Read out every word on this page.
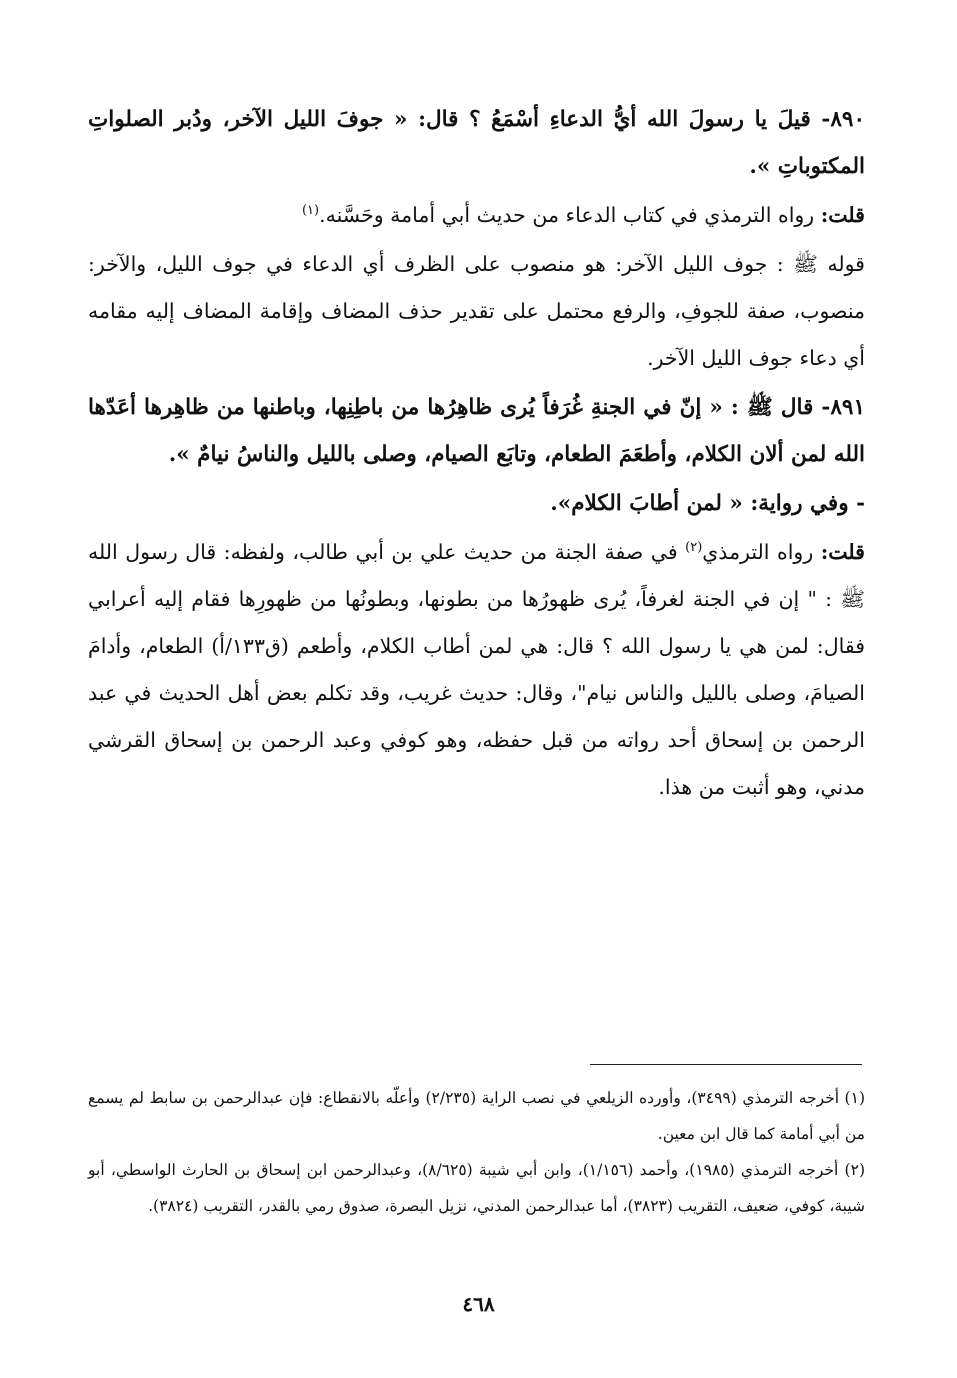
٨٩٠- قيلَ يا رسولَ الله أيُّ الدعاءِ أسْمَعُ ؟ قال: « جوفَ الليل الآخر، ودُبر الصلواتِ المكتوباتِ ».

قلت: رواه الترمذي في كتاب الدعاء من حديث أبي أمامة وحَسَّنه.$^{(١)}$

قوله ﷺ : جوف الليل الآخر: هو منصوب على الظرف أي الدعاء في جوف الليل، والآخر: منصوب، صفة للجوفِ، والرفع محتمل على تقدير حذف المضاف وإقامة المضاف إليه مقامه أي دعاء جوف الليل الآخر.

٨٩١- قال ﷺ : « إنّ في الجنةِ غُرَفاً يُرى ظاهِرُها من باطِنِها، وباطنها من ظاهِرها أعَدّها الله لمن ألان الكلام، وأطعَمَ الطعام، وتابَع الصيام، وصلى بالليل والناسُ نيامٌ ».

- وفي رواية: « لمن أطابَ الكلام».

قلت: رواه الترمذي$^{(٢)}$ في صفة الجنة من حديث علي بن أبي طالب، ولفظه: قال رسول الله ﷺ : " إن في الجنة لغرفاً، يُرى ظهورُها من بطونها، وبطونُها من ظهورِها فقام إليه أعرابي فقال: لمن هي يا رسول الله ؟ قال: هي لمن أطاب الكلام، وأطعم (ق١٣٣/أ) الطعام، وأدامَ الصيامَ، وصلى بالليل والناس نيام"، وقال: حديث غريب، وقد تكلم بعض أهل الحديث في عبد الرحمن بن إسحاق أحد رواته من قبل حفظه، وهو كوفي وعبد الرحمن بن إسحاق القرشي مدني، وهو أثبت من هذا.

(١) أخرجه الترمذي (٣٤٩٩)، وأورده الزيلعي في نصب الراية (٢/٢٣٥) وأعلّه بالانقطاع: فإن عبدالرحمن بن سابط لم يسمع من أبي أمامة كما قال ابن معين.

(٢) أخرجه الترمذي (١٩٨٥)، وأحمد (١/١٥٦)، وابن أبي شيبة (٨/٦٢٥)، وعبدالرحمن ابن إسحاق بن الحارث الواسطي، أبو شيبة، كوفي، ضعيف، التقريب (٣٨٢٣)، أما عبدالرحمن المدني، نزيل البصرة، صدوق رمي بالقدر، التقريب (٣٨٢٤).

٤٦٨
